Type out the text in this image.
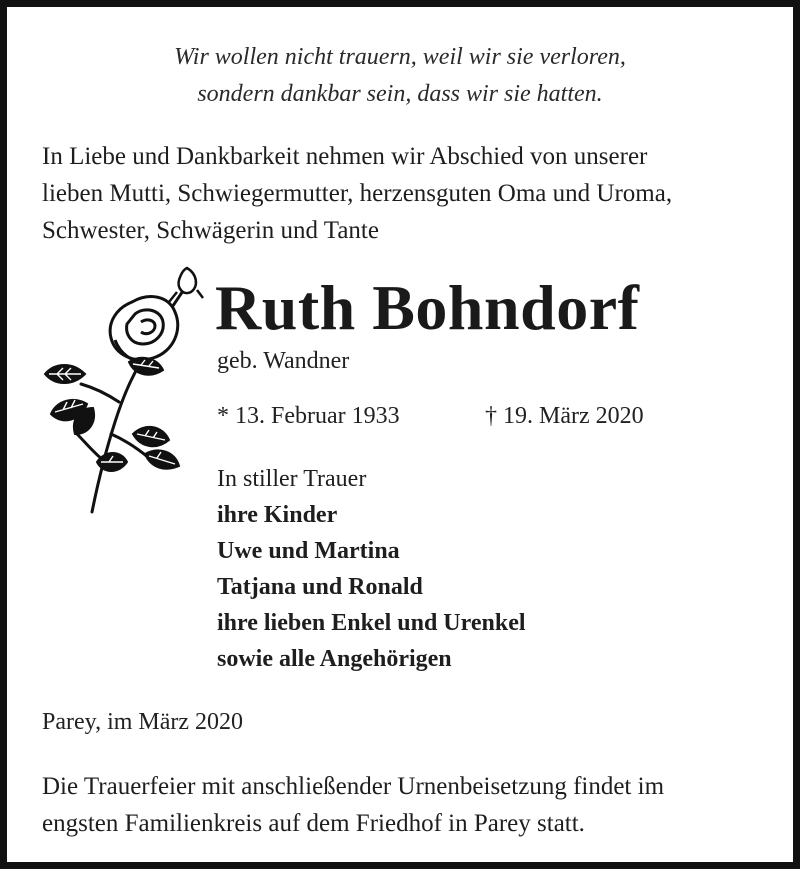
Wir wollen nicht trauern, weil wir sie verloren,
sondern dankbar sein, dass wir sie hatten.
In Liebe und Dankbarkeit nehmen wir Abschied von unserer
lieben Mutti, Schwiegermutter, herzensguten Oma und Uroma,
Schwester, Schwägerin und Tante
Ruth Bohndorf
geb. Wandner
* 13. Februar 1933	† 19. März 2020
In stiller Trauer
ihre Kinder
Uwe und Martina
Tatjana und Ronald
ihre lieben Enkel und Urenkel
sowie alle Angehörigen
Parey, im März 2020
Die Trauerfeier mit anschließender Urnenbeisetzung findet im
engsten Familienkreis auf dem Friedhof in Parey statt.
